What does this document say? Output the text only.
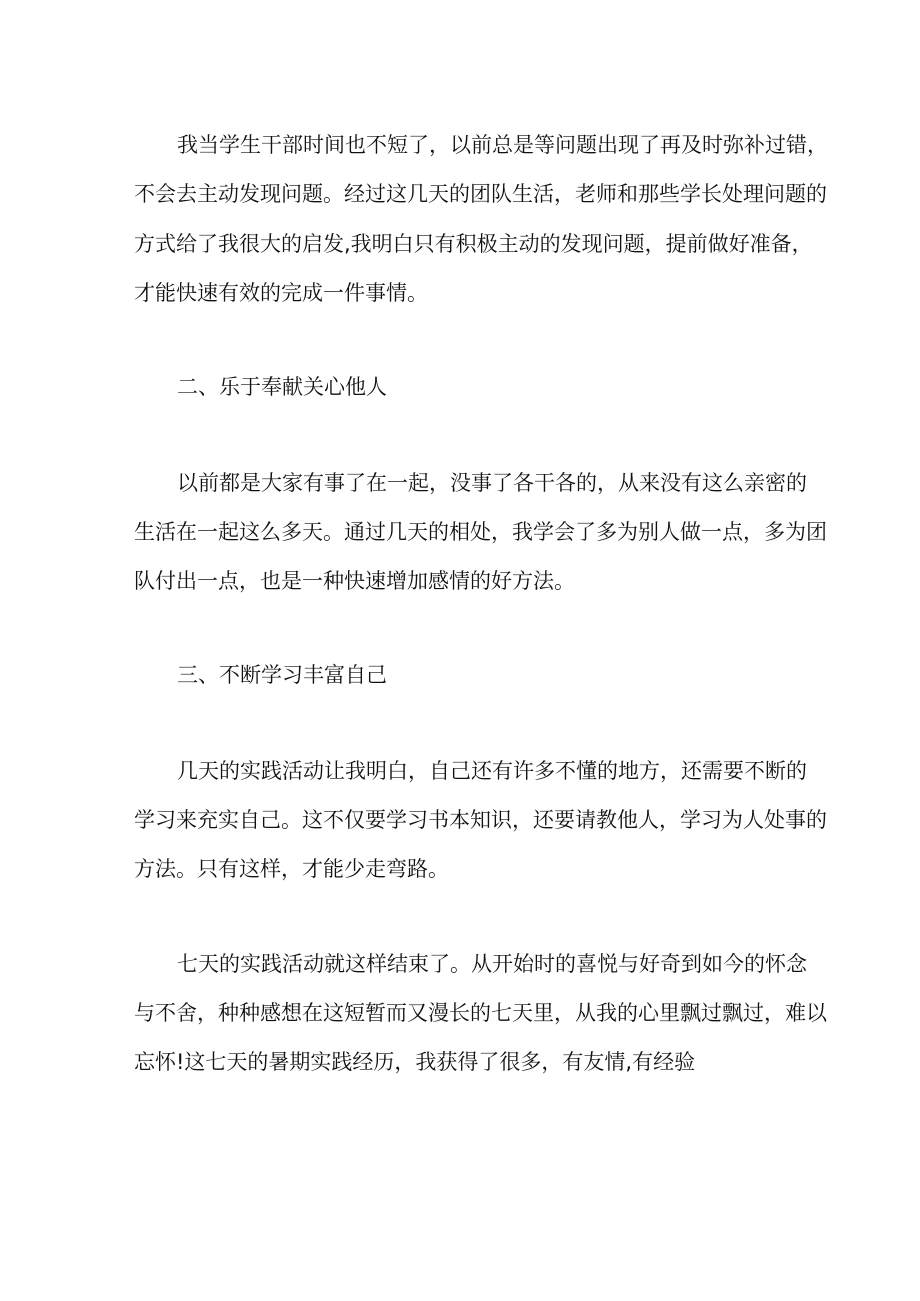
我当学生干部时间也不短了，以前总是等问题出现了再及时弥补过错，
不会去主动发现问题。经过这几天的团队生活，老师和那些学长处理问题的
方式给了我很大的启发,我明白只有积极主动的发现问题，提前做好准备，
才能快速有效的完成一件事情。
二、乐于奉献关心他人
以前都是大家有事了在一起，没事了各干各的，从来没有这么亲密的
生活在一起这么多天。通过几天的相处，我学会了多为别人做一点，多为团
队付出一点，也是一种快速增加感情的好方法。
三、不断学习丰富自己
几天的实践活动让我明白，自己还有许多不懂的地方，还需要不断的
学习来充实自己。这不仅要学习书本知识，还要请教他人，学习为人处事的
方法。只有这样，才能少走弯路。
七天的实践活动就这样结束了。从开始时的喜悦与好奇到如今的怀念
与不舍，种种感想在这短暂而又漫长的七天里，从我的心里飘过飘过，难以
忘怀!这七天的暑期实践经历，我获得了很多，有友情,有经验
